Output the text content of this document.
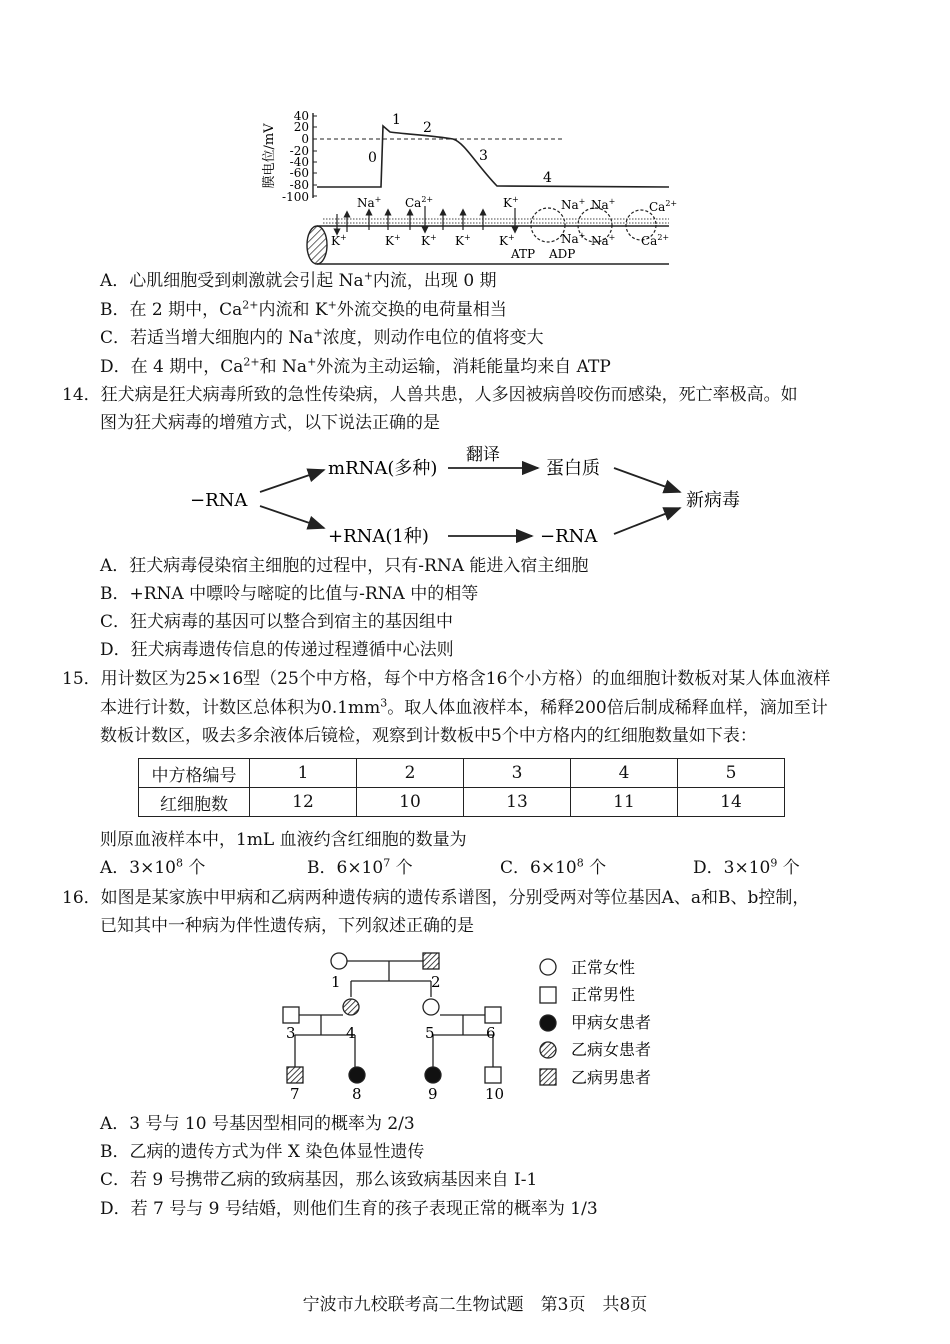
膜电位/mV
40
20
0
-20
-40
-60
-80
-100
0
1 2
3
4
Na+ $Ca^{2+}$	K+	Na+ Na+	$Ca^{2+}$
K+	K+ K+ K+ K+	Na+ Na+ $Ca^{2+}$
ATP ADP
A．心肌细胞受到刺激就会引起 Na+内流，出现 0 期
B．在 2 期中，$Ca^{2+}$内流和 K+外流交换的电荷量相当
C．若适当增大细胞内的 Na+浓度，则动作电位的值将变大
D．在 4 期中，$Ca^{2+}$和 Na+外流为主动运输，消耗能量均来自 ATP
14．狂犬病是狂犬病毒所致的急性传染病，人兽共患，人多因被病兽咬伤而感染，死亡率极高。如
图为狂犬病毒的增殖方式，以下说法正确的是
−RNA
mRNA(多种)
翻译
蛋白质
+RNA(1种)	−RNA
新病毒
A．狂犬病毒侵染宿主细胞的过程中，只有-RNA 能进入宿主细胞
B．+RNA 中嘌呤与嘧啶的比值与-RNA 中的相等
C．狂犬病毒的基因可以整合到宿主的基因组中
D．狂犬病毒遗传信息的传递过程遵循中心法则
15．用计数区为25×16型（25个中方格，每个中方格含16个小方格）的血细胞计数板对某人体血液样
本进行计数，计数区总体积为$0.1mm^3$。取人体血液样本，稀释200倍后制成稀释血样，滴加至计
数板计数区，吸去多余液体后镜检，观察到计数板中5个中方格内的红细胞数量如下表：
中方格编号	1	2	3	4	5
红细胞数	12	10	13	11	14
则原血液样本中，1mL 血液约含红细胞的数量为
A．$3\times 10^8$ 个	B．$6\times 10^7$ 个	C．$6\times 10^8$ 个	D．$3\times 10^9$ 个
16．如图是某家族中甲病和乙病两种遗传病的遗传系谱图，分别受两对等位基因A、a和B、b控制，
已知其中一种病为伴性遗传病，下列叙述正确的是
1	2
3	4	5	6
7	8	9	10
正常女性
正常男性
甲病女患者
乙病女患者
乙病男患者
A．3 号与 10 号基因型相同的概率为 2/3
B．乙病的遗传方式为伴 X 染色体显性遗传
C．若 9 号携带乙病的致病基因，那么该致病基因来自 I-1
D．若 7 号与 9 号结婚，则他们生育的孩子表现正常的概率为 1/3
宁波市九校联考高二生物试题　第3页　共8页
